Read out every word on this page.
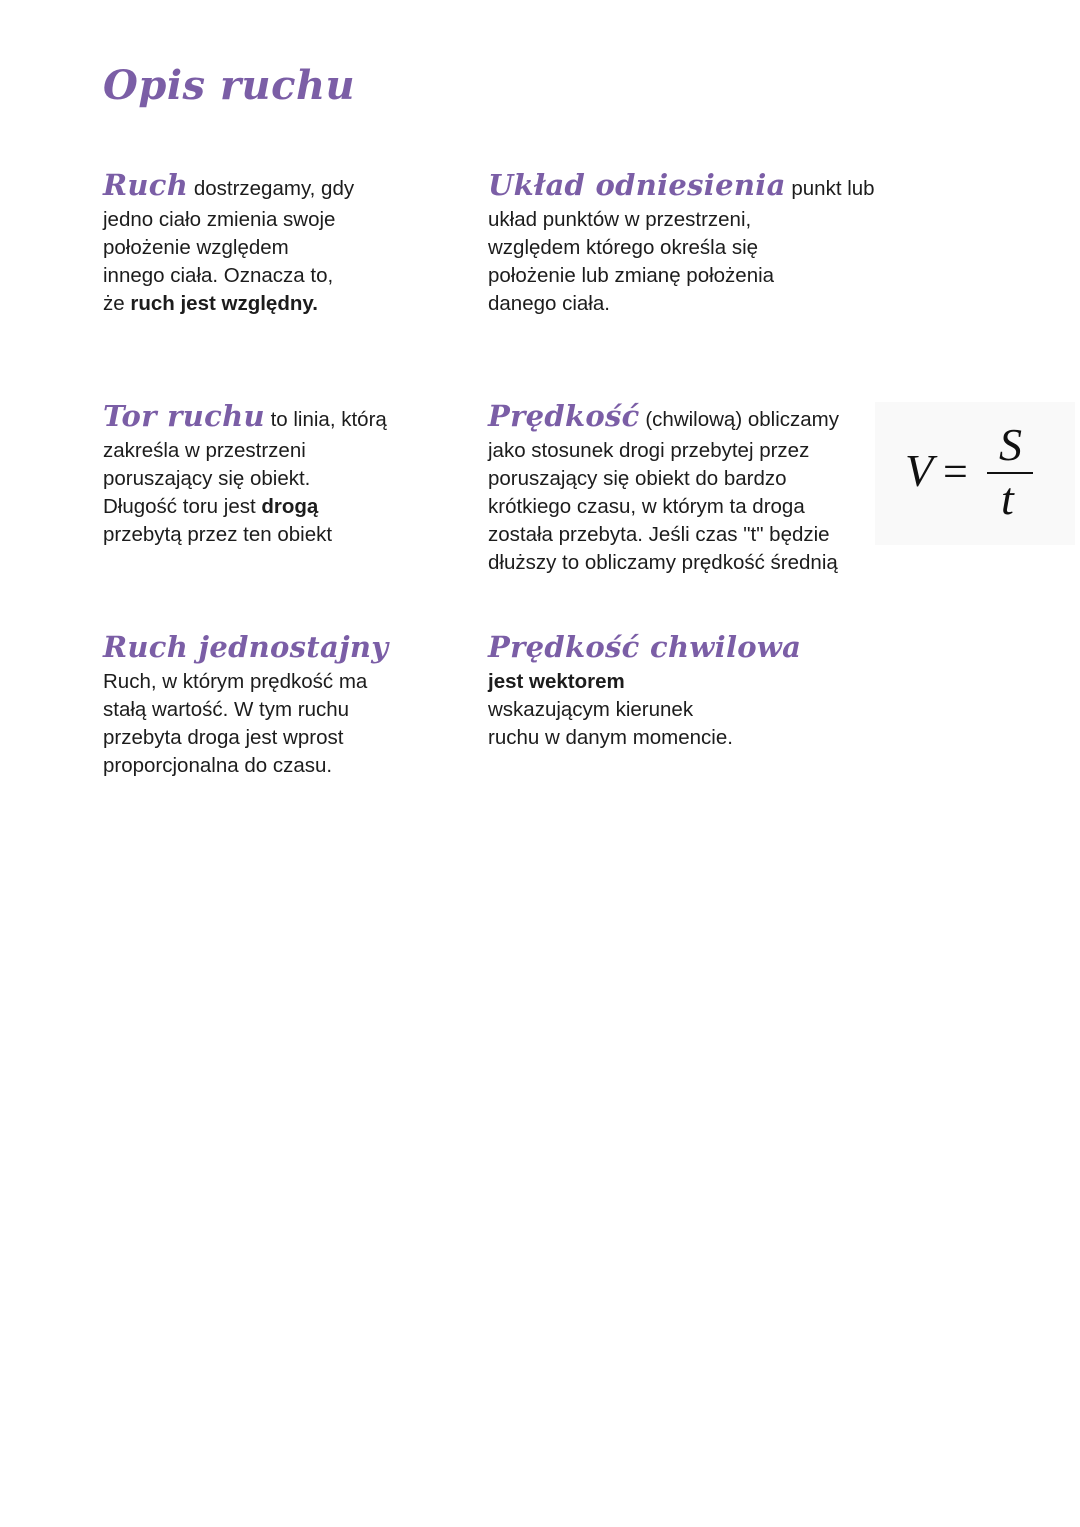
Opis ruchu

Ruch dostrzegamy, gdy

jedno ciało zmienia swoje

położenie względem

innego ciała. Oznacza to,

że ruch jest względny.

Układ odniesienia punkt lub

układ punktów w przestrzeni,

względem którego określa się

położenie lub zmianę położenia

danego ciała.

Tor ruchu to linia, którą

zakreśla w przestrzeni

poruszający się obiekt.

Długość toru jest drogą

przebytą przez ten obiekt

Prędkość (chwilową) obliczamy

jako stosunek drogi przebytej przez

poruszający się obiekt do bardzo

krótkiego czasu, w którym ta droga

została przebyta. Jeśli czas "t" będzie

dłuższy to obliczamy prędkość średnią

V =
S
t

Ruch jednostajny

Ruch, w którym prędkość ma

stałą wartość. W tym ruchu

przebyta droga jest wprost

proporcjonalna do czasu.

Prędkość chwilowa

jest wektorem

wskazującym kierunek

ruchu w danym momencie.
